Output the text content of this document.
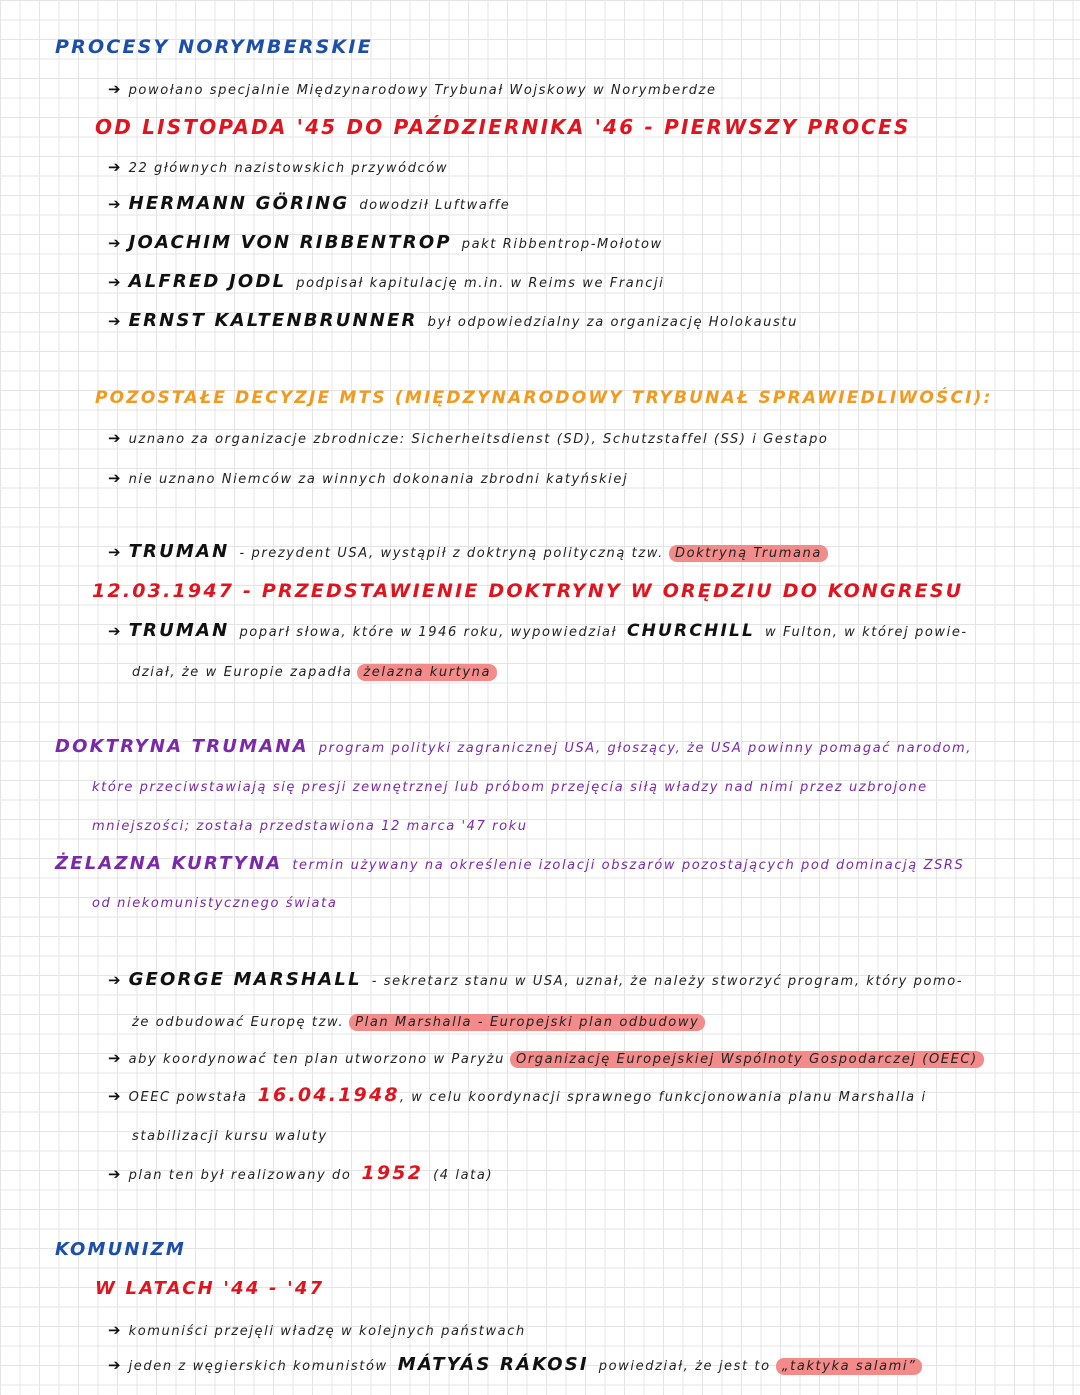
PROCESY NORYMBERSKIE
➔ powołano specjalnie Międzynarodowy Trybunał Wojskowy w Norymberdze
OD LISTOPADA '45 DO PAŹDZIERNIKA '46 - PIERWSZY PROCES
➔ 22 głównych nazistowskich przywódców
➔ HERMANN GÖRING dowodził Luftwaffe
➔ JOACHIM VON RIBBENTROP pakt Ribbentrop-Mołotow
➔ ALFRED JODL podpisał kapitulację m.in. w Reims we Francji
➔ ERNST KALTENBRUNNER był odpowiedzialny za organizację Holokaustu
POZOSTAŁE DECYZJE MTS (MIĘDZYNARODOWY TRYBUNAŁ SPRAWIEDLIWOŚCI):
➔ uznano za organizacje zbrodnicze: Sicherheitsdienst (SD), Schutzstaffel (SS) i Gestapo
➔ nie uznano Niemców za winnych dokonania zbrodni katyńskiej
➔ TRUMAN - prezydent USA, wystąpił z doktryną polityczną tzw. Doktryną Trumana
12.03.1947 - PRZEDSTAWIENIE DOKTRYNY W ORĘDZIU DO KONGRESU
➔ TRUMAN poparł słowa, które w 1946 roku, wypowiedział CHURCHILL w Fulton, w której powie-
dział, że w Europie zapadła żelazna kurtyna
DOKTRYNA TRUMANA program polityki zagranicznej USA, głoszący, że USA powinny pomagać narodom,
które przeciwstawiają się presji zewnętrznej lub próbom przejęcia siłą władzy nad nimi przez uzbrojone
mniejszości; została przedstawiona 12 marca '47 roku
ŻELAZNA KURTYNA termin używany na określenie izolacji obszarów pozostających pod dominacją ZSRS
od niekomunistycznego świata
➔ GEORGE MARSHALL - sekretarz stanu w USA, uznał, że należy stworzyć program, który pomo-
że odbudować Europę tzw. Plan Marshalla - Europejski plan odbudowy
➔ aby koordynować ten plan utworzono w Paryżu Organizację Europejskiej Wspólnoty Gospodarczej (OEEC)
➔ OEEC powstała 16.04.1948, w celu koordynacji sprawnego funkcjonowania planu Marshalla i
stabilizacji kursu waluty
➔ plan ten był realizowany do 1952 (4 lata)
KOMUNIZM
W LATACH '44 - '47
➔ komuniści przejęli władzę w kolejnych państwach
➔ jeden z węgierskich komunistów MÁTYÁS RÁKOSI powiedział, że jest to „taktyka salami”
